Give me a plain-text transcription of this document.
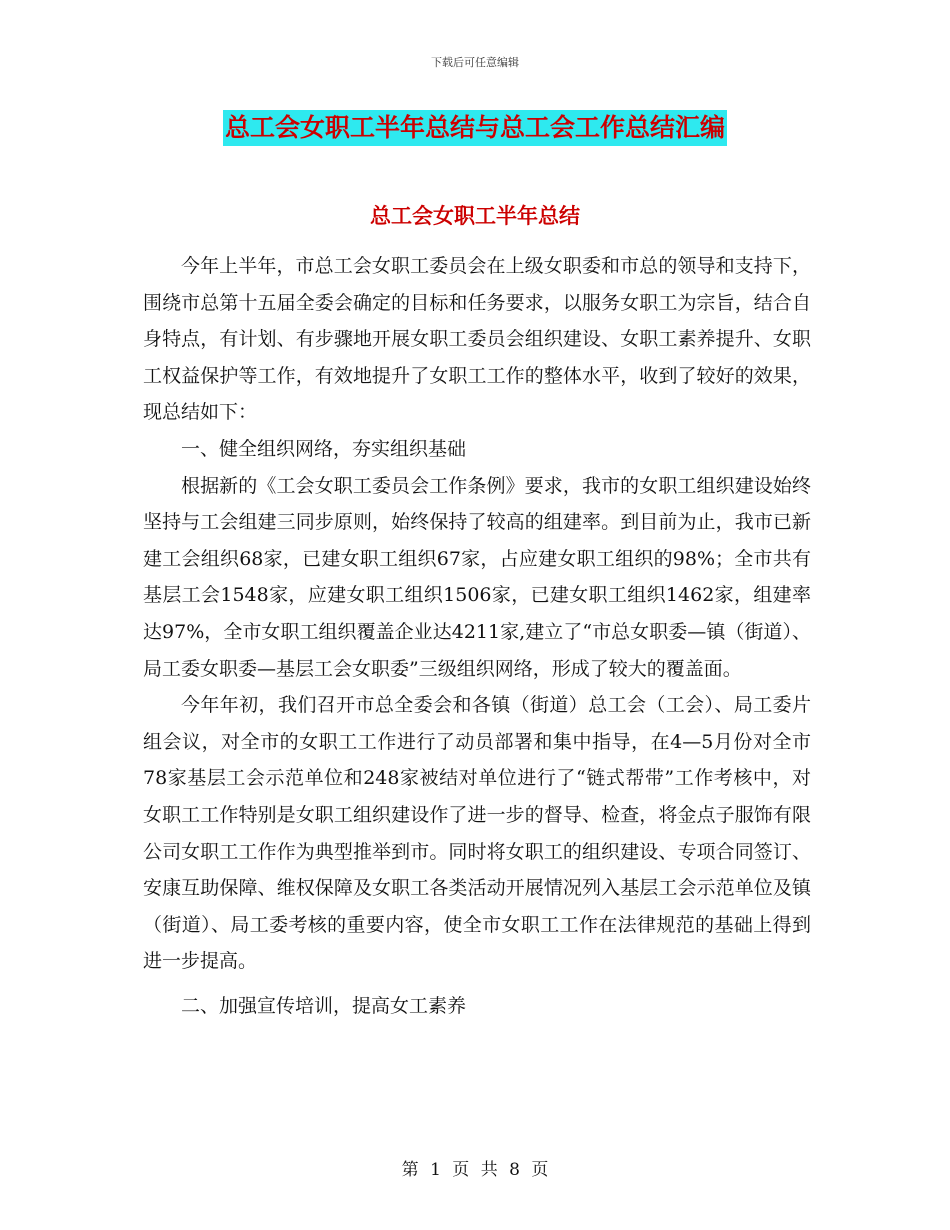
下载后可任意编辑
总工会女职工半年总结与总工会工作总结汇编
总工会女职工半年总结

今年上半年，市总工会女职工委员会在上级女职委和市总的领导和支持下，围绕市总第十五届全委会确定的目标和任务要求，以服务女职工为宗旨，结合自身特点，有计划、有步骤地开展女职工委员会组织建设、女职工素养提升、女职工权益保护等工作，有效地提升了女职工工作的整体水平，收到了较好的效果，现总结如下：

一、健全组织网络，夯实组织基础

根据新的《工会女职工委员会工作条例》要求，我市的女职工组织建设始终坚持与工会组建三同步原则，始终保持了较高的组建率。到目前为止，我市已新建工会组织68家，已建女职工组织67家，占应建女职工组织的98%；全市共有基层工会1548家，应建女职工组织1506家，已建女职工组织1462家，组建率达97%，全市女职工组织覆盖企业达4211家,建立了“市总女职委—镇（街道）、局工委女职委—基层工会女职委”三级组织网络，形成了较大的覆盖面。

今年年初，我们召开市总全委会和各镇（街道）总工会（工会）、局工委片组会议，对全市的女职工工作进行了动员部署和集中指导，在4—5月份对全市78家基层工会示范单位和248家被结对单位进行了“链式帮带”工作考核中，对女职工工作特别是女职工组织建设作了进一步的督导、检查，将金点子服饰有限公司女职工工作作为典型推举到市。同时将女职工的组织建设、专项合同签订、安康互助保障、维权保障及女职工各类活动开展情况列入基层工会示范单位及镇（街道）、局工委考核的重要内容，使全市女职工工作在法律规范的基础上得到进一步提高。

二、加强宣传培训，提高女工素养

第 1 页 共 8 页
